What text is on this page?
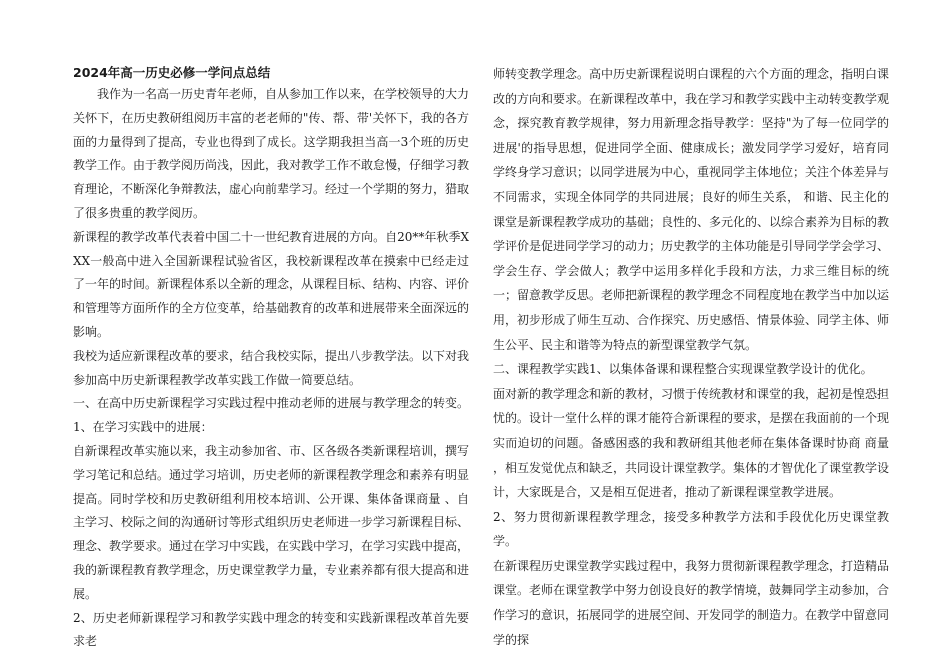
2024年高一历史必修一学问点总结

我作为一名高一历史青年老师，自从参加工作以来，在学校领导的大力关怀下，在历史教研组阅历丰富的老老师的"传、帮、带'关怀下，我的各方面的力量得到了提高，专业也得到了成长。这学期我担当高一3个班的历史教学工作。由于教学阅历尚浅，因此，我对教学工作不敢怠慢，仔细学习教育理论，不断深化争辩教法，虚心向前辈学习。经过一个学期的努力，猎取了很多贵重的教学阅历。

新课程的教学改革代表着中国二十一世纪教育进展的方向。自20**年秋季XXX一般高中进入全国新课程试验省区，我校新课程改革在摸索中已经走过了一年的时间。新课程体系以全新的理念，从课程目标、结构、内容、评价和管理等方面所作的全方位变革，给基础教育的改革和进展带来全面深远的影响。

我校为适应新课程改革的要求，结合我校实际，提出八步教学法。以下对我参加高中历史新课程教学改革实践工作做一简要总结。

一、在高中历史新课程学习实践过程中推动老师的进展与教学理念的转变。

1、在学习实践中的进展：

自新课程改革实施以来，我主动参加省、市、区各级各类新课程培训，撰写学习笔记和总结。通过学习培训，历史老师的新课程教学理念和素养有明显提高。同时学校和历史教研组利用校本培训、公开课、集体备课商量 、自主学习、校际之间的沟通研讨等形式组织历史老师进一步学习新课程目标、理念、教学要求。通过在学习中实践，在实践中学习，在学习实践中提高，我的新课程教育教学理念，历史课堂教学力量，专业素养都有很大提高和进展。

2、历史老师新课程学习和教学实践中理念的转变和实践新课程改革首先要求老

师转变教学理念。高中历史新课程说明白课程的六个方面的理念，指明白课改的方向和要求。在新课程改革中，我在学习和教学实践中主动转变教学观念，探究教育教学规律，努力用新理念指导教学：坚持"为了每一位同学的进展'的指导思想，促进同学全面、健康成长；激发同学学习爱好，培育同学终身学习意识；以同学进展为中心，重视同学主体地位；关注个体差异与不同需求，实现全体同学的共同进展；良好的师生关系， 和谐、民主化的课堂是新课程教学成功的基础；良性的、多元化的、以综合素养为目标的教学评价是促进同学学习的动力；历史教学的主体功能是引导同学学会学习、学会生存、学会做人；教学中运用多样化手段和方法，力求三维目标的统一；留意教学反思。老师把新课程的教学理念不同程度地在教学当中加以运用，初步形成了师生互动、合作探究、历史感悟、情景体验、同学主体、师生公平、民主和谐等为特点的新型课堂教学气氛。

二、课程教学实践1、以集体备课和课程整合实现课堂教学设计的优化。

面对新的教学理念和新的教材，习惯于传统教材和课堂的我，起初是惶恐担忧的。设计一堂什么样的课才能符合新课程的要求，是摆在我面前的一个现实而迫切的问题。备感困惑的我和教研组其他老师在集体备课时协商 商量 ，相互发觉优点和缺乏，共同设计课堂教学。集体的才智优化了课堂教学设计，大家既是合，又是相互促进者，推动了新课程课堂教学进展。

2、努力贯彻新课程教学理念，接受多种教学方法和手段优化历史课堂教学。

在新课程历史课堂教学实践过程中，我努力贯彻新课程教学理念，打造精品课堂。老师在课堂教学中努力创设良好的教学情境，鼓舞同学主动参加，合作学习的意识，拓展同学的进展空间、开发同学的制造力。在教学中留意同学的探
